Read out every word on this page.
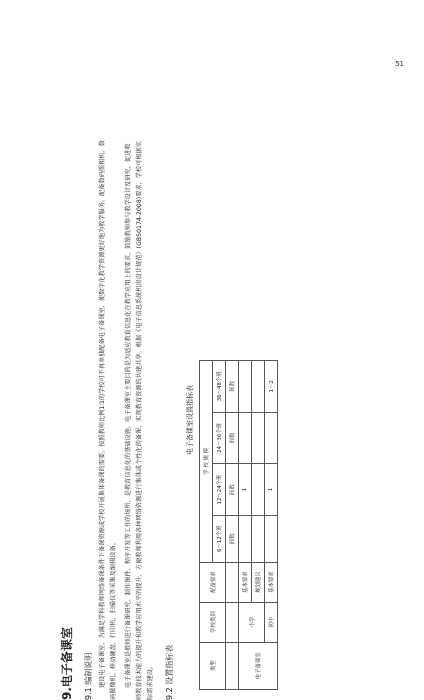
51
9.电子备课室 9.1 编制说明 建设电子备课室，为满足学科教师网络备课条件下备课资源或学校开展集体备课的需要。按照教师比例1∶1的学校可不再单独配备电子备课室，使数字化教学资源更好地为教学服务。配备数码照相机、数码摄像机、移动硬盘、打印机、扫描仪等采集及编辑设备。	电子备课室是教师进行备课研究、制作课件、程序开发等工作的场所，是教育信息化的基础设施。电子备课室主要目的是为适应教育信息化在教学应用上的要求，鼓励教师参与教学设计及研究，促进教师教育技术能力的提升和教学应用水平的提升，方便教师利用各种网络资源进行集体或个性化的备课，实现教育资源的共建共享。根据《电子信息系统机房设计规范》(GB50174-2008)要求，学校可根据实际需求建设。 9.2 设置指标表
电子备课室设置指标表
类型	学校类别	配备要求	学 校 规 模			
			6～12个班	12～24个班	24～36个班	36～48个班
			间数	间数	间数	间数
电子备课室	小学	基本要求		1		
		规划建议				
	初中	基本要求		1		1～2
